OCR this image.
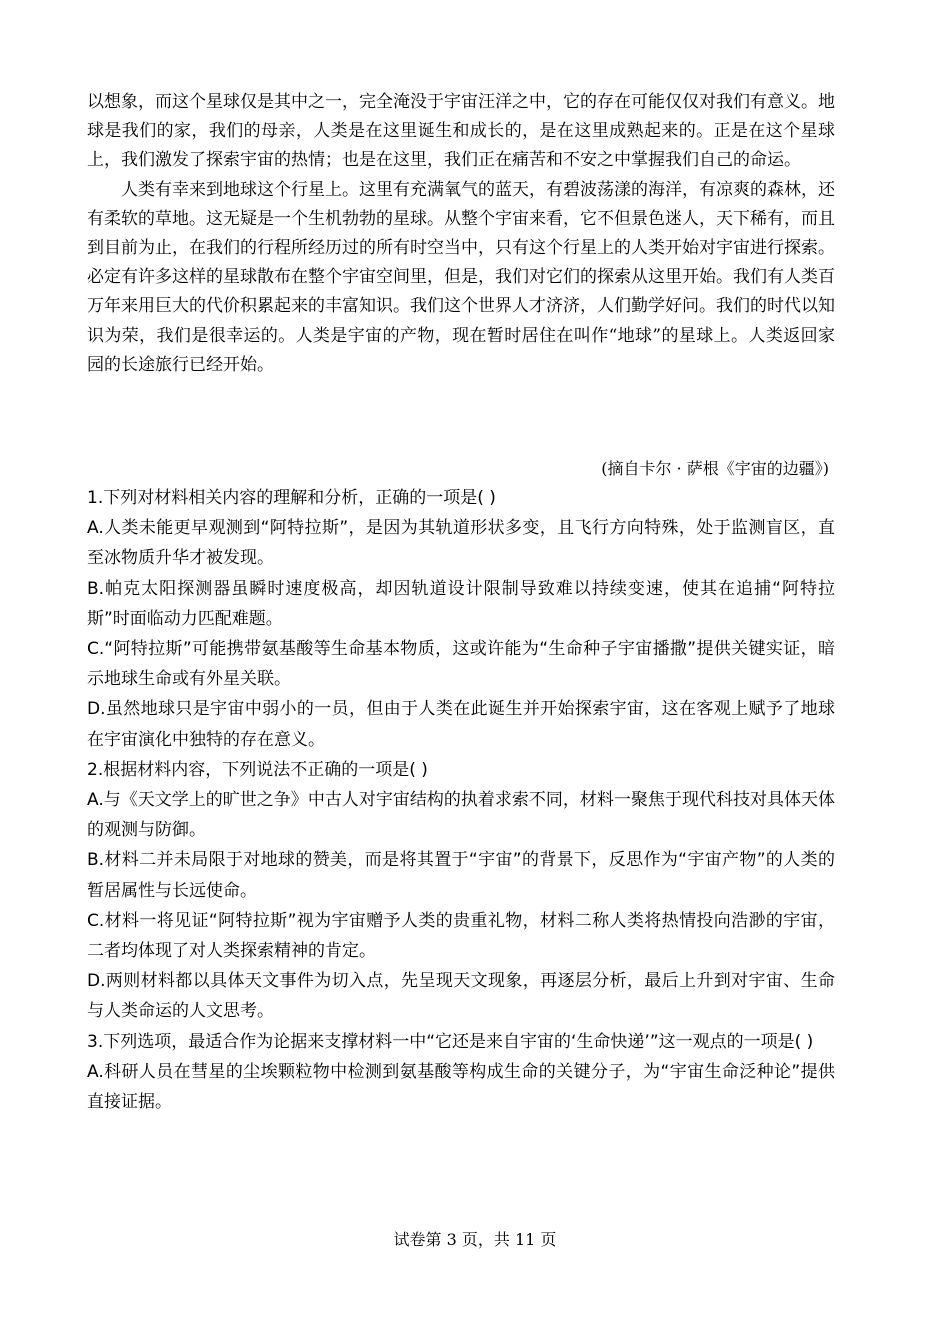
以想象，而这个星球仅是其中之一，完全淹没于宇宙汪洋之中，它的存在可能仅仅对我们有意义。地球是我们的家，我们的母亲，人类是在这里诞生和成长的，是在这里成熟起来的。正是在这个星球上，我们激发了探索宇宙的热情；也是在这里，我们正在痛苦和不安之中掌握我们自己的命运。

人类有幸来到地球这个行星上。这里有充满氧气的蓝天，有碧波荡漾的海洋，有凉爽的森林，还有柔软的草地。这无疑是一个生机勃勃的星球。从整个宇宙来看，它不但景色迷人，天下稀有，而且到目前为止，在我们的行程所经历过的所有时空当中，只有这个行星上的人类开始对宇宙进行探索。必定有许多这样的星球散布在整个宇宙空间里，但是，我们对它们的探索从这里开始。我们有人类百万年来用巨大的代价积累起来的丰富知识。我们这个世界人才济济，人们勤学好问。我们的时代以知识为荣，我们是很幸运的。人类是宇宙的产物，现在暂时居住在叫作“地球”的星球上。人类返回家园的长途旅行已经开始。

(摘自卡尔 · 萨根《宇宙的边疆》)

1.下列对材料相关内容的理解和分析，正确的一项是( )

A.人类未能更早观测到“阿特拉斯”，是因为其轨道形状多变，且飞行方向特殊，处于监测盲区，直至冰物质升华才被发现。

B.帕克太阳探测器虽瞬时速度极高，却因轨道设计限制导致难以持续变速，使其在追捕“阿特拉斯”时面临动力匹配难题。

C.“阿特拉斯”可能携带氨基酸等生命基本物质，这或许能为“生命种子宇宙播撒”提供关键实证，暗示地球生命或有外星关联。

D.虽然地球只是宇宙中弱小的一员，但由于人类在此诞生并开始探索宇宙，这在客观上赋予了地球在宇宙演化中独特的存在意义。

2.根据材料内容，下列说法不正确的一项是( )

A.与《天文学上的旷世之争》中古人对宇宙结构的执着求索不同，材料一聚焦于现代科技对具体天体的观测与防御。

B.材料二并未局限于对地球的赞美，而是将其置于“宇宙”的背景下，反思作为“宇宙产物”的人类的暂居属性与长远使命。

C.材料一将见证“阿特拉斯”视为宇宙赠予人类的贵重礼物，材料二称人类将热情投向浩渺的宇宙，二者均体现了对人类探索精神的肯定。

D.两则材料都以具体天文事件为切入点，先呈现天文现象，再逐层分析，最后上升到对宇宙、生命与人类命运的人文思考。

3.下列选项，最适合作为论据来支撑材料一中“它还是来自宇宙的‘生命快递’”这一观点的一项是( )

A.科研人员在彗星的尘埃颗粒物中检测到氨基酸等构成生命的关键分子，为“宇宙生命泛种论”提供直接证据。

试卷第 3 页，共 11 页
